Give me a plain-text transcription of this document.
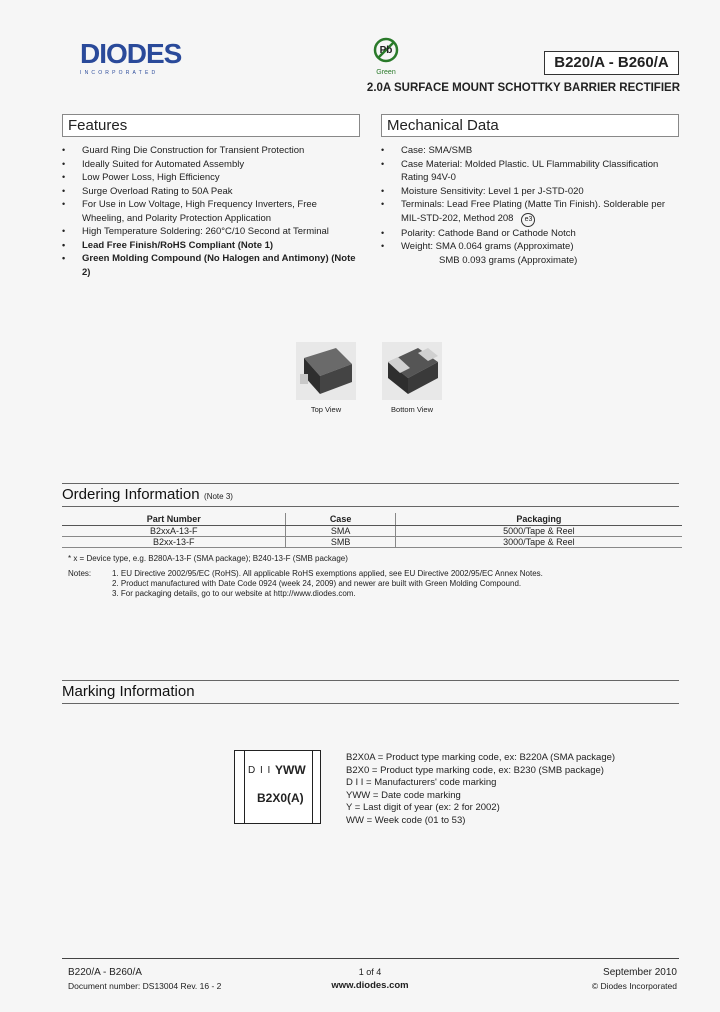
DIODES
INCORPORATED
Pb
Green
B220/A - B260/A
2.0A SURFACE MOUNT SCHOTTKY BARRIER RECTIFIER
Features
• Guard Ring Die Construction for Transient Protection
• Ideally Suited for Automated Assembly
• Low Power Loss, High Efficiency
• Surge Overload Rating to 50A Peak
• For Use in Low Voltage, High Frequency Inverters, Free Wheeling, and Polarity Protection Application
• High Temperature Soldering: 260°C/10 Second at Terminal
• Lead Free Finish/RoHS Compliant (Note 1)
• Green Molding Compound (No Halogen and Antimony) (Note 2)
Mechanical Data
• Case: SMA/SMB
• Case Material: Molded Plastic. UL Flammability Classification Rating 94V-0
• Moisture Sensitivity: Level 1 per J-STD-020
• Terminals: Lead Free Plating (Matte Tin Finish). Solderable per MIL-STD-202, Method 208 e3
• Polarity: Cathode Band or Cathode Notch
• Weight: SMA 0.064 grams (Approximate)
SMB 0.093 grams (Approximate)
Top View	Bottom View
Ordering Information (Note 3)
Part Number	Case	Packaging
B2xxA-13-F	SMA	5000/Tape & Reel
B2xx-13-F	SMB	3000/Tape & Reel
* x = Device type, e.g. B280A-13-F (SMA package); B240-13-F (SMB package)
Notes:	1. EU Directive 2002/95/EC (RoHS). All applicable RoHS exemptions applied, see EU Directive 2002/95/EC Annex Notes.
2. Product manufactured with Date Code 0924 (week 24, 2009) and newer are built with Green Molding Compound.
3. For packaging details, go to our website at http://www.diodes.com.
Marking Information
D I I YWW
B2X0(A)
B2X0A = Product type marking code, ex: B220A (SMA package)
B2X0 = Product type marking code, ex: B230 (SMB package)
D I I = Manufacturers' code marking
YWW = Date code marking
Y = Last digit of year (ex: 2 for 2002)
WW = Week code (01 to 53)
B220/A - B260/A
Document number: DS13004 Rev. 16 - 2
1 of 4
www.diodes.com
September 2010
© Diodes Incorporated
